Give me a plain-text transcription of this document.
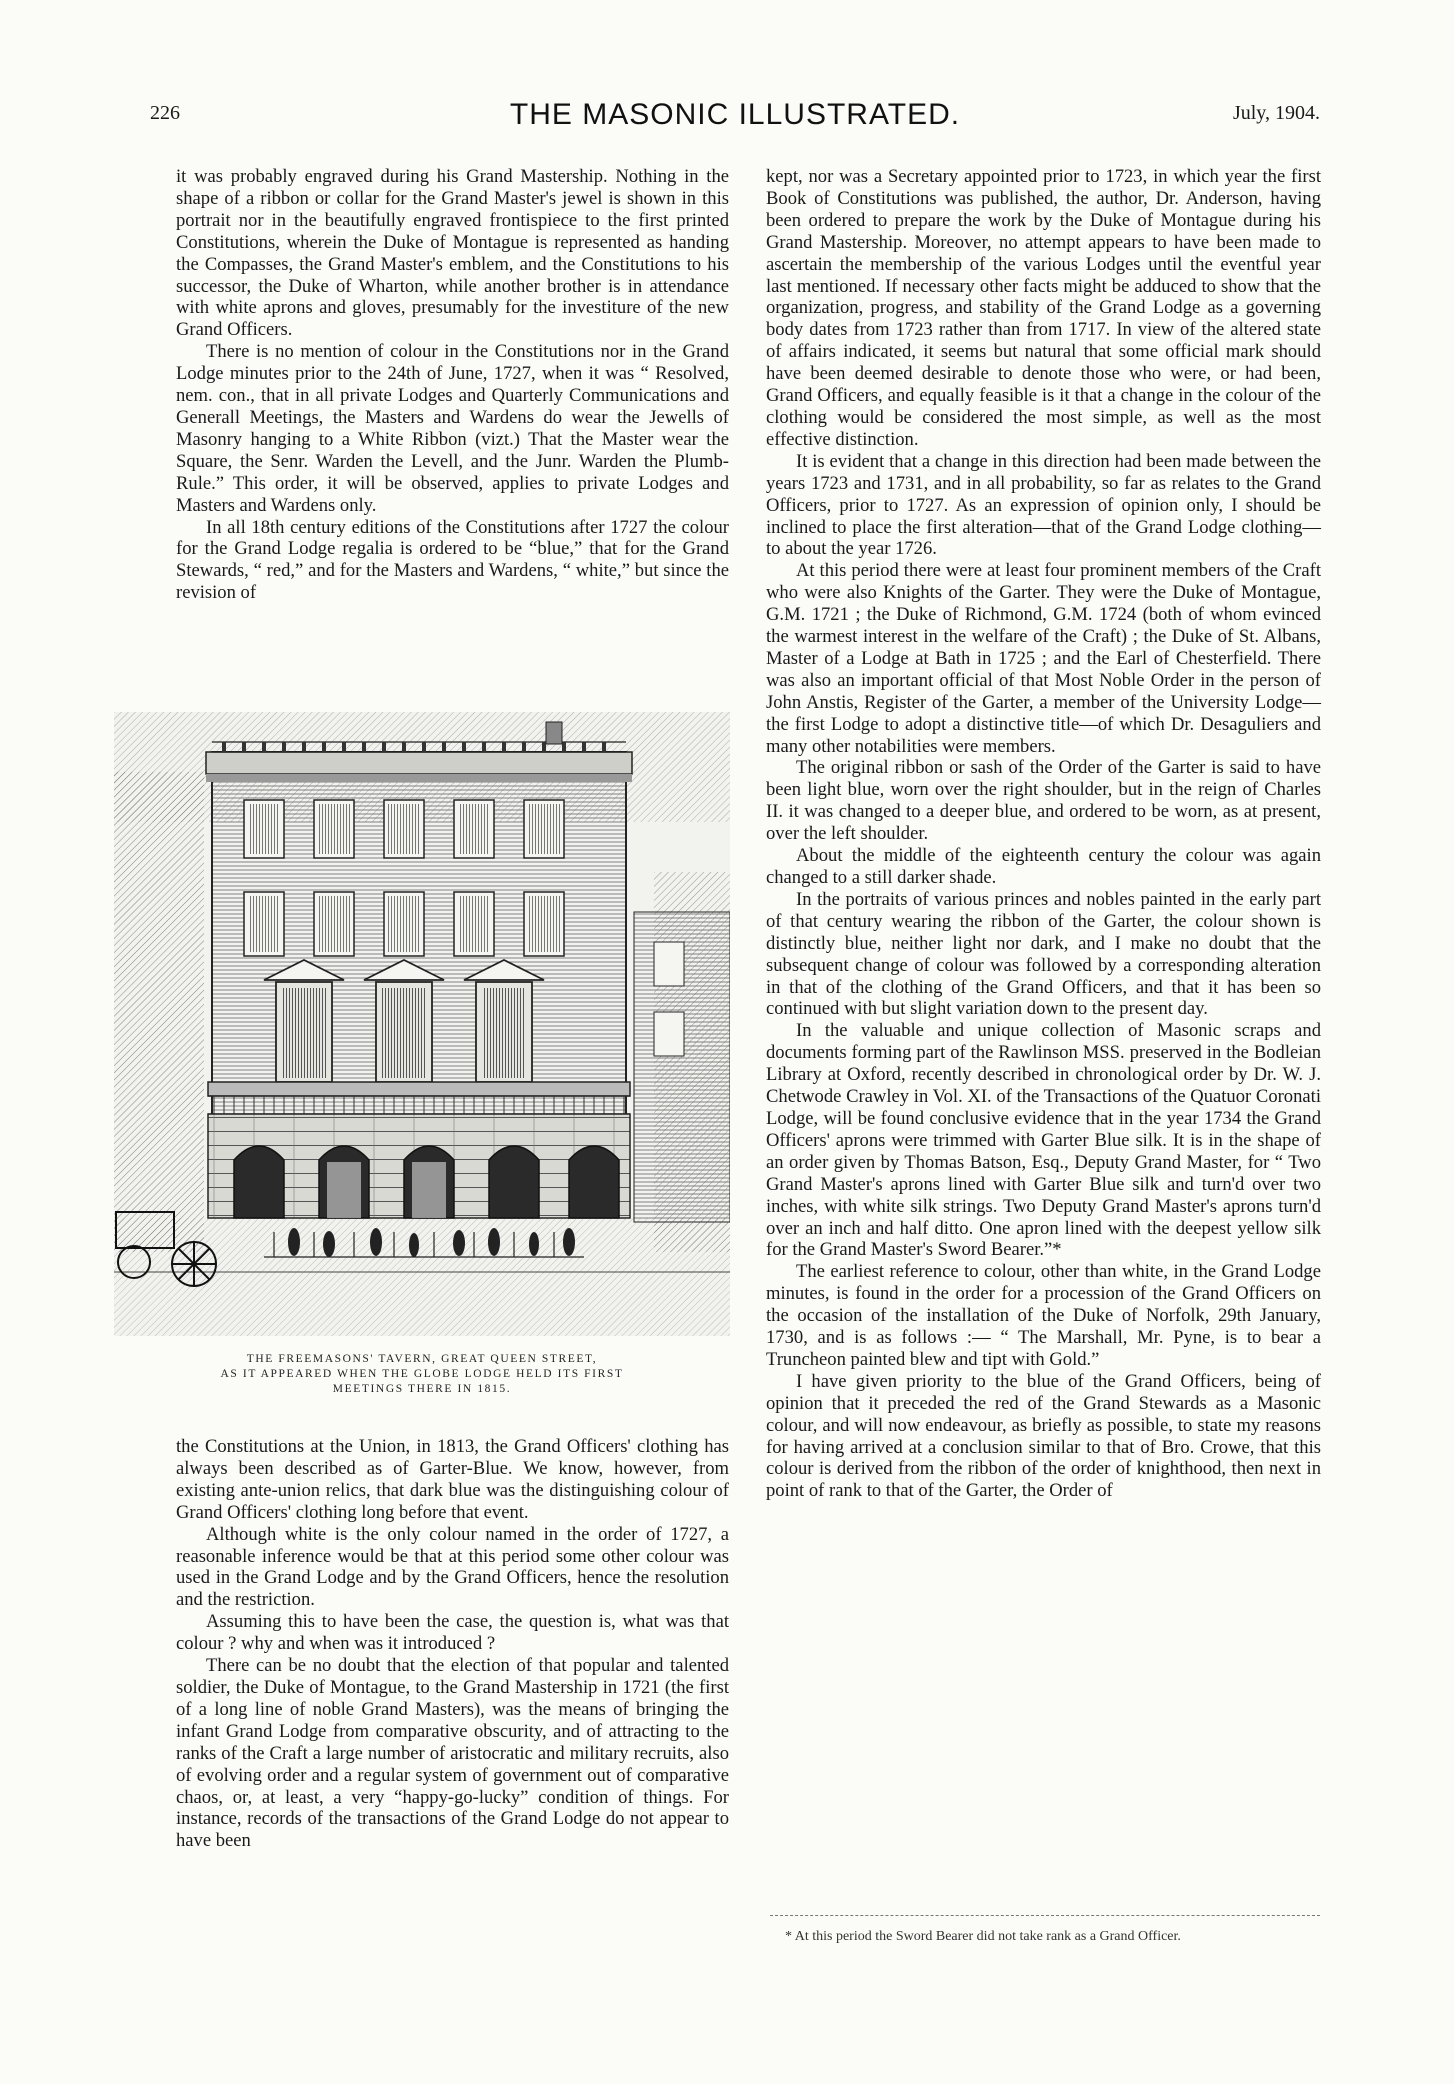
226	THE MASONIC ILLUSTRATED.	July, 1904.

it was probably engraved during his Grand Mastership. Nothing in the shape of a ribbon or collar for the Grand Master's jewel is shown in this portrait nor in the beautifully engraved frontispiece to the first printed Constitutions, wherein the Duke of Montague is represented as handing the Compasses, the Grand Master's emblem, and the Constitutions to his successor, the Duke of Wharton, while another brother is in attendance with white aprons and gloves, presumably for the investiture of the new Grand Officers.

There is no mention of colour in the Constitutions nor in the Grand Lodge minutes prior to the 24th of June, 1727, when it was “ Resolved, nem. con., that in all private Lodges and Quarterly Communications and Generall Meetings, the Masters and Wardens do wear the Jewells of Masonry hanging to a White Ribbon (vizt.) That the Master wear the Square, the Senr. Warden the Levell, and the Junr. Warden the Plumb-Rule.” This order, it will be observed, applies to private Lodges and Masters and Wardens only.

In all 18th century editions of the Constitutions after 1727 the colour for the Grand Lodge regalia is ordered to be “blue,” that for the Grand Stewards, “ red,” and for the Masters and Wardens, “ white,” but since the revision of

THE FREEMASONS' TAVERN, GREAT QUEEN STREET,
AS IT APPEARED WHEN THE GLOBE LODGE HELD ITS FIRST
MEETINGS THERE IN 1815.

the Constitutions at the Union, in 1813, the Grand Officers' clothing has always been described as of Garter-Blue. We know, however, from existing ante-union relics, that dark blue was the distinguishing colour of Grand Officers' clothing long before that event.

Although white is the only colour named in the order of 1727, a reasonable inference would be that at this period some other colour was used in the Grand Lodge and by the Grand Officers, hence the resolution and the restriction.

Assuming this to have been the case, the question is, what was that colour ? why and when was it introduced ?

There can be no doubt that the election of that popular and talented soldier, the Duke of Montague, to the Grand Mastership in 1721 (the first of a long line of noble Grand Masters), was the means of bringing the infant Grand Lodge from comparative obscurity, and of attracting to the ranks of the Craft a large number of aristocratic and military recruits, also of evolving order and a regular system of government out of comparative chaos, or, at least, a very “happy-go-lucky” condition of things. For instance, records of the transactions of the Grand Lodge do not appear to have been

kept, nor was a Secretary appointed prior to 1723, in which year the first Book of Constitutions was published, the author, Dr. Anderson, having been ordered to prepare the work by the Duke of Montague during his Grand Mastership. Moreover, no attempt appears to have been made to ascertain the membership of the various Lodges until the eventful year last mentioned. If necessary other facts might be adduced to show that the organization, progress, and stability of the Grand Lodge as a governing body dates from 1723 rather than from 1717. In view of the altered state of affairs indicated, it seems but natural that some official mark should have been deemed desirable to denote those who were, or had been, Grand Officers, and equally feasible is it that a change in the colour of the clothing would be considered the most simple, as well as the most effective distinction.

It is evident that a change in this direction had been made between the years 1723 and 1731, and in all probability, so far as relates to the Grand Officers, prior to 1727. As an expression of opinion only, I should be inclined to place the first alteration—that of the Grand Lodge clothing—to about the year 1726.

At this period there were at least four prominent members of the Craft who were also Knights of the Garter. They were the Duke of Montague, G.M. 1721 ; the Duke of Richmond, G.M. 1724 (both of whom evinced the warmest interest in the welfare of the Craft) ; the Duke of St. Albans, Master of a Lodge at Bath in 1725 ; and the Earl of Chesterfield. There was also an important official of that Most Noble Order in the person of John Anstis, Register of the Garter, a member of the University Lodge—the first Lodge to adopt a distinctive title—of which Dr. Desaguliers and many other notabilities were members.

The original ribbon or sash of the Order of the Garter is said to have been light blue, worn over the right shoulder, but in the reign of Charles II. it was changed to a deeper blue, and ordered to be worn, as at present, over the left shoulder.

About the middle of the eighteenth century the colour was again changed to a still darker shade.

In the portraits of various princes and nobles painted in the early part of that century wearing the ribbon of the Garter, the colour shown is distinctly blue, neither light nor dark, and I make no doubt that the subsequent change of colour was followed by a corresponding alteration in that of the clothing of the Grand Officers, and that it has been so continued with but slight variation down to the present day.

In the valuable and unique collection of Masonic scraps and documents forming part of the Rawlinson MSS. preserved in the Bodleian Library at Oxford, recently described in chronological order by Dr. W. J. Chetwode Crawley in Vol. XI. of the Transactions of the Quatuor Coronati Lodge, will be found conclusive evidence that in the year 1734 the Grand Officers' aprons were trimmed with Garter Blue silk. It is in the shape of an order given by Thomas Batson, Esq., Deputy Grand Master, for “ Two Grand Master's aprons lined with Garter Blue silk and turn'd over two inches, with white silk strings. Two Deputy Grand Master's aprons turn'd over an inch and half ditto. One apron lined with the deepest yellow silk for the Grand Master's Sword Bearer.”*

The earliest reference to colour, other than white, in the Grand Lodge minutes, is found in the order for a procession of the Grand Officers on the occasion of the installation of the Duke of Norfolk, 29th January, 1730, and is as follows :— “ The Marshall, Mr. Pyne, is to bear a Truncheon painted blew and tipt with Gold.”

I have given priority to the blue of the Grand Officers, being of opinion that it preceded the red of the Grand Stewards as a Masonic colour, and will now endeavour, as briefly as possible, to state my reasons for having arrived at a conclusion similar to that of Bro. Crowe, that this colour is derived from the ribbon of the order of knighthood, then next in point of rank to that of the Garter, the Order of

* At this period the Sword Bearer did not take rank as a Grand Officer.
